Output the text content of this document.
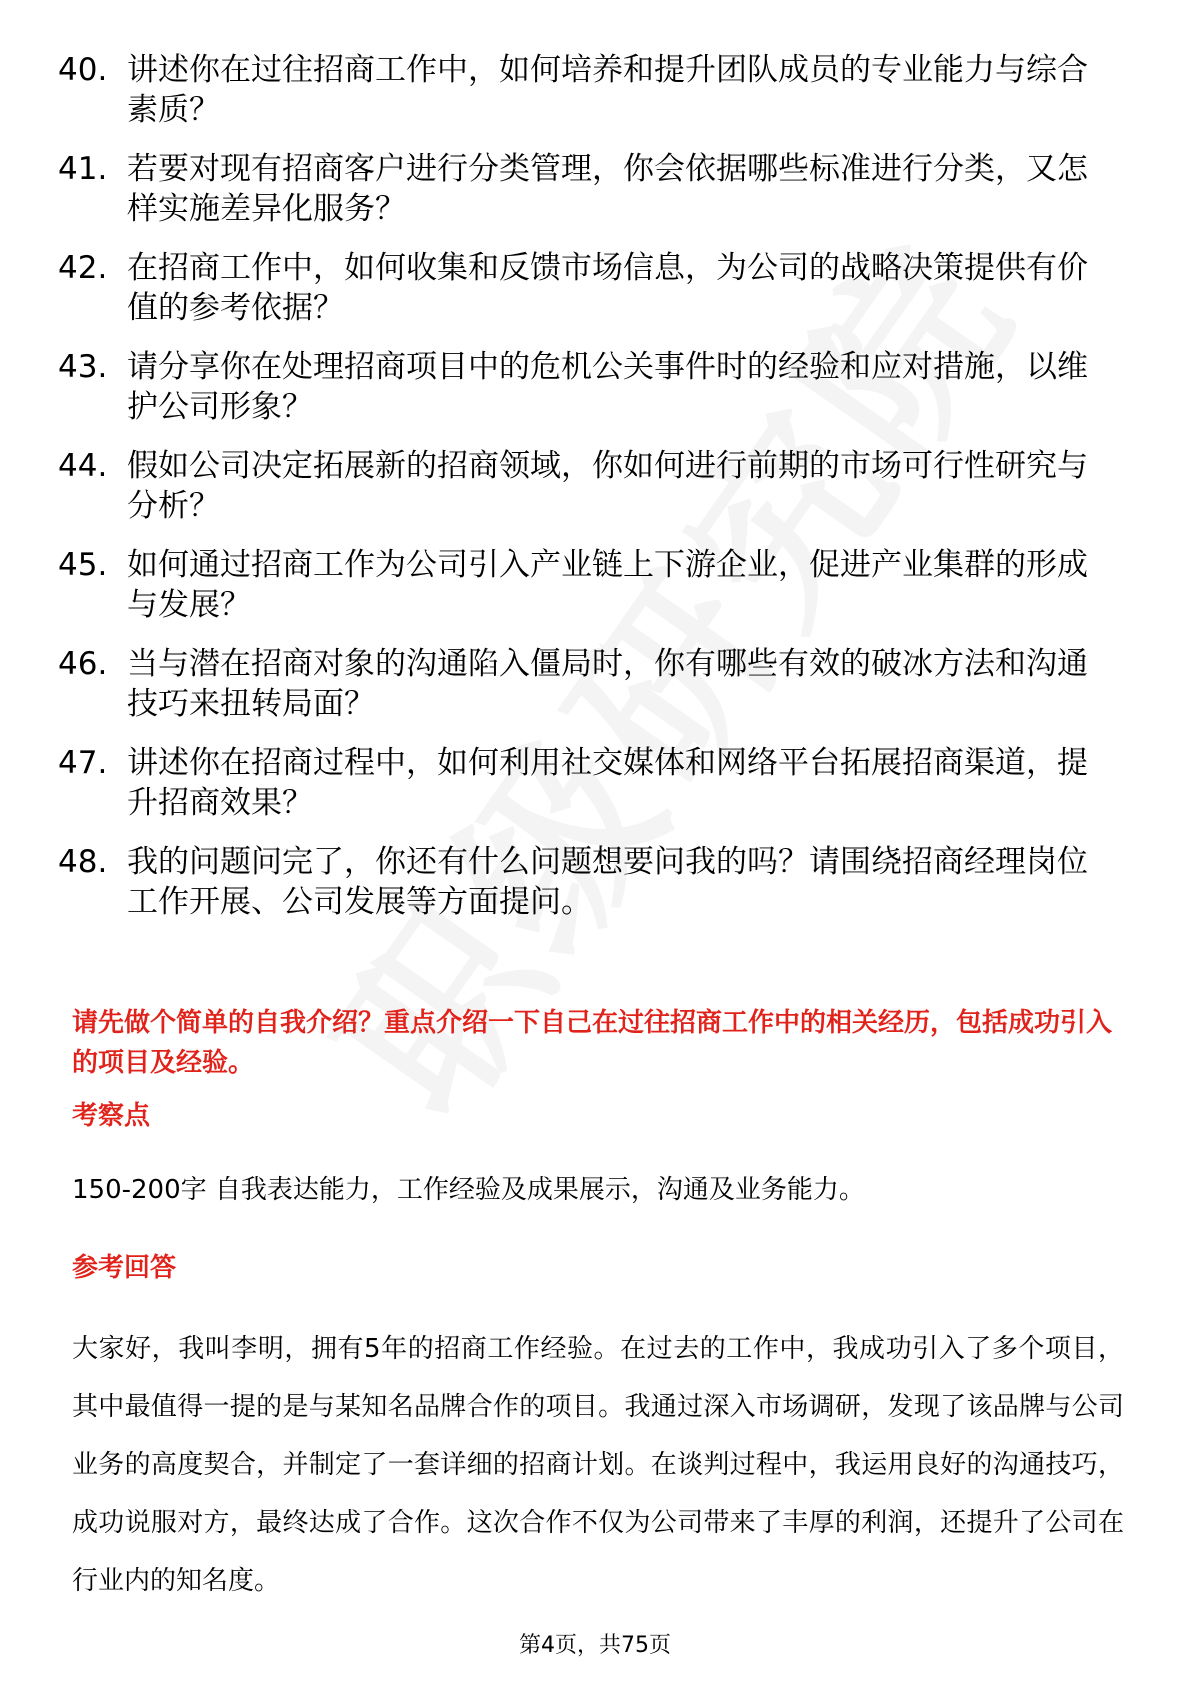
40. 讲述你在过往招商工作中，如何培养和提升团队成员的专业能力与综合素质？
41. 若要对现有招商客户进行分类管理，你会依据哪些标准进行分类，又怎样实施差异化服务？
42. 在招商工作中，如何收集和反馈市场信息，为公司的战略决策提供有价值的参考依据？
43. 请分享你在处理招商项目中的危机公关事件时的经验和应对措施，以维护公司形象？
44. 假如公司决定拓展新的招商领域，你如何进行前期的市场可行性研究与分析？
45. 如何通过招商工作为公司引入产业链上下游企业，促进产业集群的形成与发展？
46. 当与潜在招商对象的沟通陷入僵局时，你有哪些有效的破冰方法和沟通技巧来扭转局面？
47. 讲述你在招商过程中，如何利用社交媒体和网络平台拓展招商渠道，提升招商效果？
48. 我的问题问完了，你还有什么问题想要问我的吗？请围绕招商经理岗位工作开展、公司发展等方面提问。
请先做个简单的自我介绍？重点介绍一下自己在过往招商工作中的相关经历，包括成功引入的项目及经验。
考察点
150-200字 自我表达能力，工作经验及成果展示，沟通及业务能力。
参考回答
大家好，我叫李明，拥有5年的招商工作经验。在过去的工作中，我成功引入了多个项目，其中最值得一提的是与某知名品牌合作的项目。我通过深入市场调研，发现了该品牌与公司业务的高度契合，并制定了一套详细的招商计划。在谈判过程中，我运用良好的沟通技巧，成功说服对方，最终达成了合作。这次合作不仅为公司带来了丰厚的利润，还提升了公司在行业内的知名度。
第4页，共75页
